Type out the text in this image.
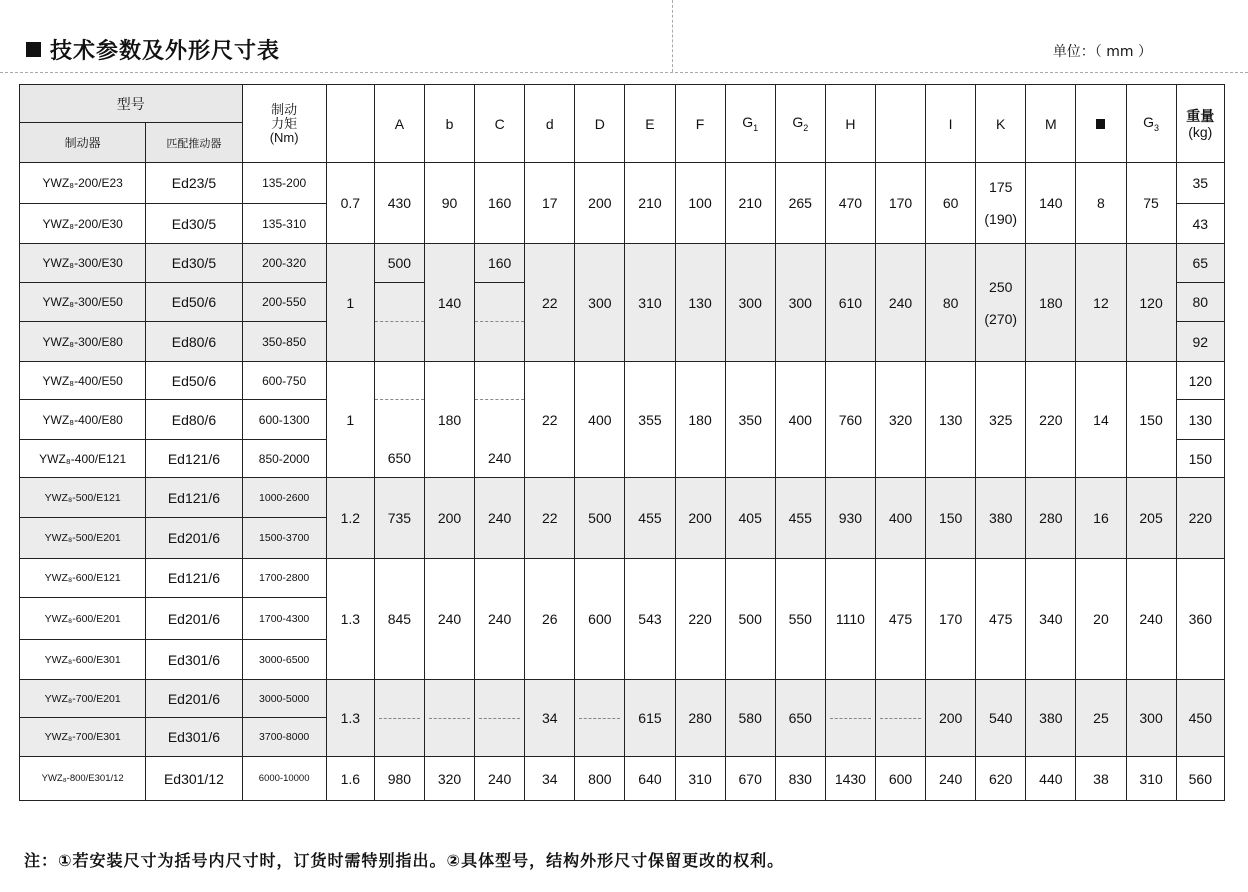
技术参数及外形尺寸表	单位：（ mm ）
型号		制动
力矩
(Nm)		A	b	C	d	D	E	F	$G_1$	$G_2$	H		I	K	M		$G_3$	重量
(kg)
制动器	匹配推动器																			
YWZ₈-200/E23	Ed23/5	135-200	0.7	430	90	160	17	200	210	100	210	265	470	170	60	175
(190)	140	8	75	35
YWZ₈-200/E30	Ed30/5	135-310																		43
YWZ₈-300/E30	Ed30/5	200-320	1	500	140	160	22	300	310	130	300	300	610	240	80	250
(270)	180	12	120	65
YWZ₈-300/E50	Ed50/6	200-550																		80
YWZ₈-300/E80	Ed80/6	350-850																		92
YWZ₈-400/E50	Ed50/6	600-750	1		180		22	400	355	180	350	400	760	320	130	325	220	14	150	120
YWZ₈-400/E80	Ed80/6	600-1300																		130
YWZ₈-400/E121	Ed121/6	850-2000		650		240														150
YWZ₈-500/E121	Ed121/6	1000-2600	1.2	735	200	240	22	500	455	200	405	455	930	400	150	380	280	16	205	220
YWZ₈-500/E201	Ed201/6	1500-3700																		
YWZ₈-600/E121	Ed121/6	1700-2800	1.3	845	240	240	26	600	543	220	500	550	1110	475	170	475	340	20	240	360
YWZ₈-600/E201	Ed201/6	1700-4300																		
YWZ₈-600/E301	Ed301/6	3000-6500																		
YWZ₈-700/E201	Ed201/6	3000-5000	1.3				34		615	280	580	650			200	540	380	25	300	450
YWZ₈-700/E301	Ed301/6	3700-8000																		
YWZ₈-800/E301/12	Ed301/12	6000-10000	1.6	980	320	240	34	800	640	310	670	830	1430	600	240	620	440	38	310	560
注：①若安装尺寸为括号内尺寸时，订货时需特别指出。②具体型号，结构外形尺寸保留更改的权利。
